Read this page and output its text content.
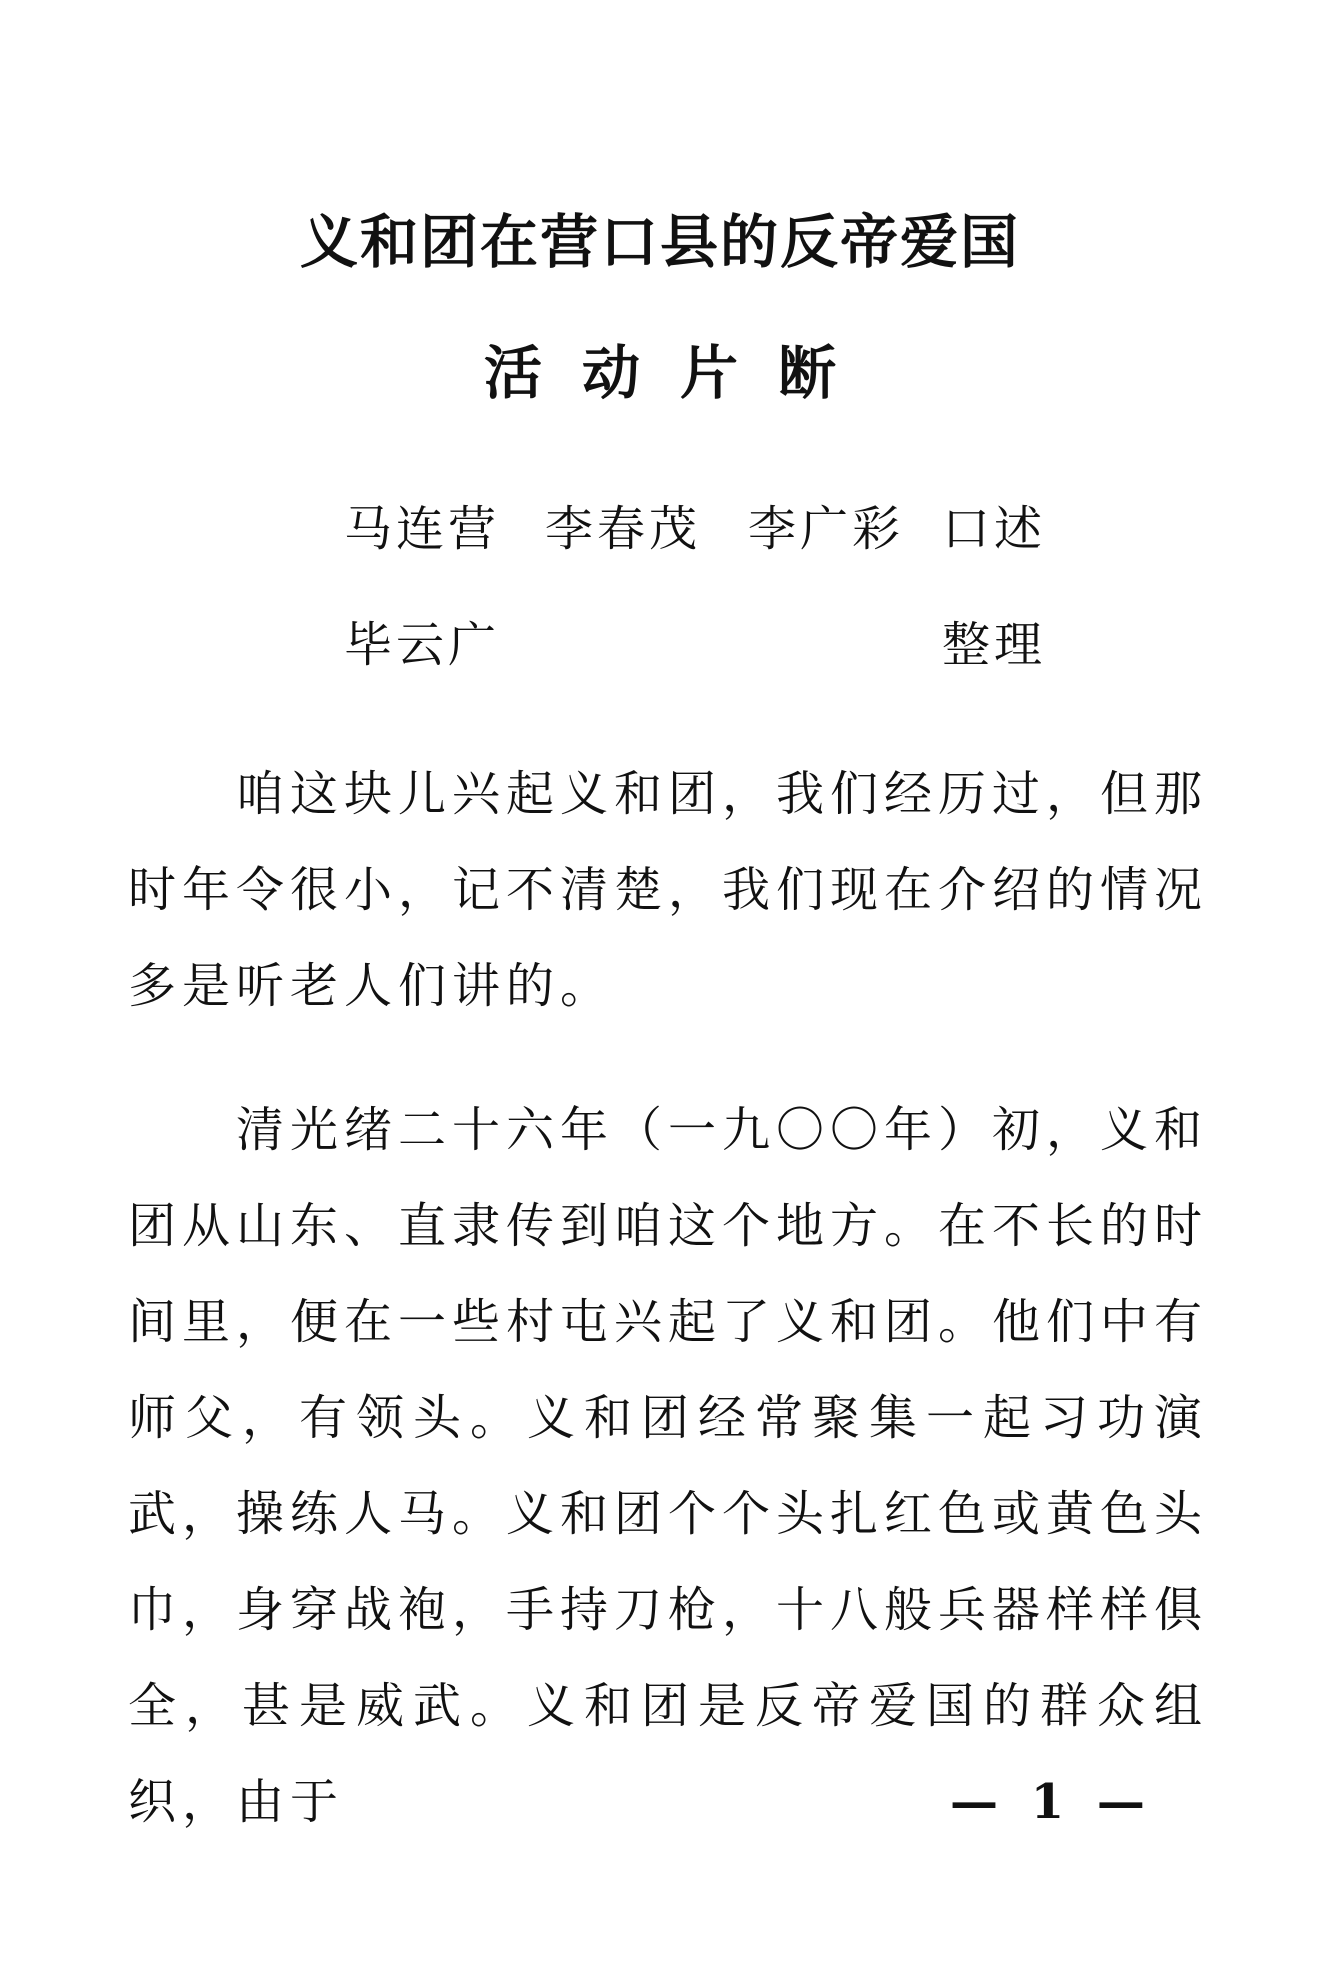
义和团在营口县的反帝爱国
活动片断
马连营 李春茂 李广彩 口述
毕云广	整理

咱这块儿兴起义和团，我们经历过，但那时年令很小，记不清楚，我们现在介绍的情况多是听老人们讲的。

清光绪二十六年（一九〇〇年）初，义和团从山东、直隶传到咱这个地方。在不长的时间里，便在一些村屯兴起了义和团。他们中有师父，有领头。义和团经常聚集一起习功演武，操练人马。义和团个个头扎红色或黄色头巾，身穿战袍，手持刀枪，十八般兵器样样俱全，甚是威武。义和团是反帝爱国的群众组织，由于	— 1 —
